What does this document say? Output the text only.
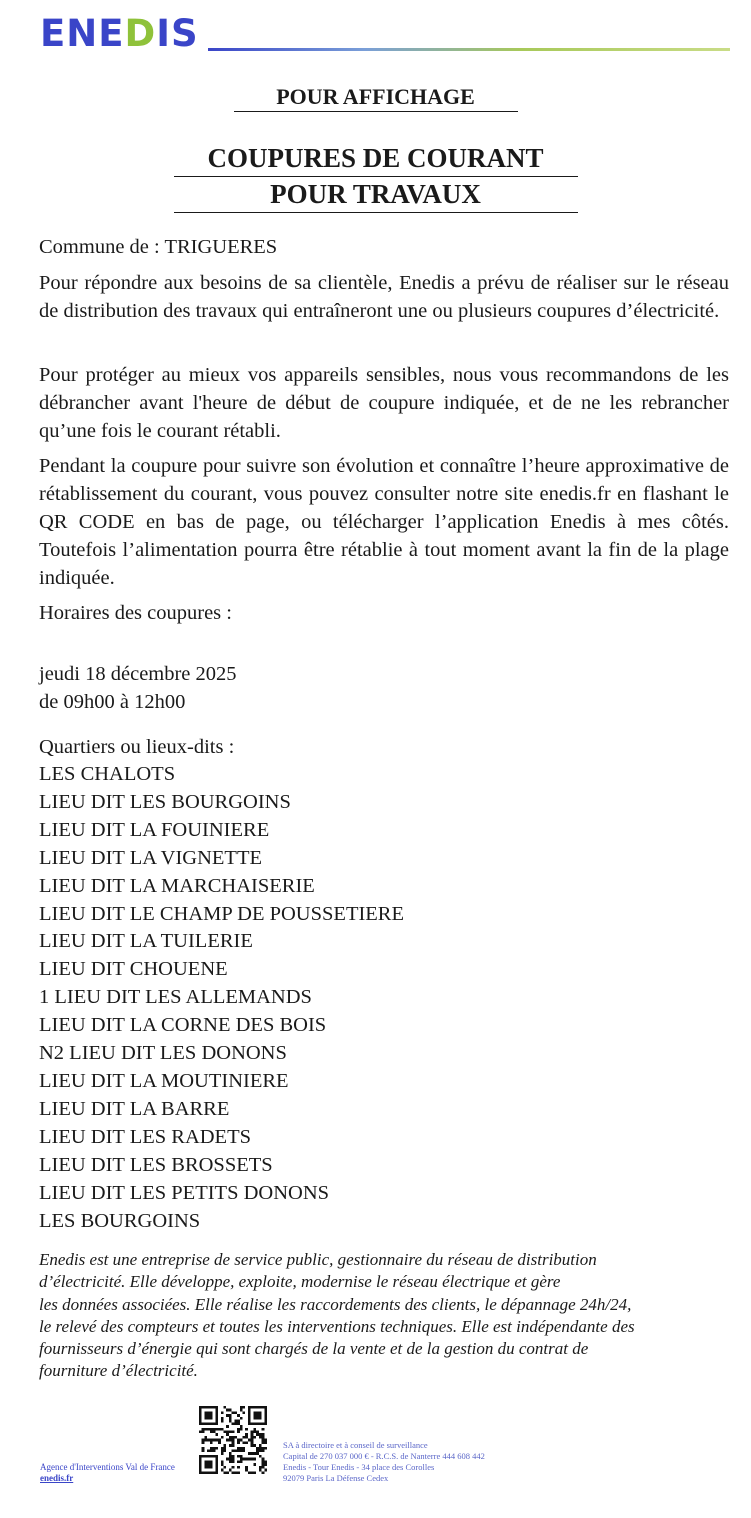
ENEDIS
POUR AFFICHAGE
COUPURES DE COURANT
POUR TRAVAUX
Commune de : TRIGUERES
Pour répondre aux besoins de sa clientèle, Enedis a prévu de réaliser sur le réseau de distribution des travaux qui entraîneront une ou plusieurs coupures d’électricité.
Pour protéger au mieux vos appareils sensibles, nous vous recommandons de les débrancher avant l'heure de début de coupure indiquée, et de ne les rebrancher qu’une fois le courant rétabli.
Pendant la coupure pour suivre son évolution et connaître l’heure approximative de rétablissement du courant, vous pouvez consulter notre site enedis.fr en flashant le QR CODE en bas de page, ou télécharger l’application Enedis à mes côtés. Toutefois l’alimentation pourra être rétablie à tout moment avant la fin de la plage indiquée.
Horaires des coupures :
jeudi 18 décembre 2025
de 09h00 à 12h00
Quartiers ou lieux-dits :
LES CHALOTS
LIEU DIT LES BOURGOINS
LIEU DIT LA FOUINIERE
LIEU DIT LA VIGNETTE
LIEU DIT LA MARCHAISERIE
LIEU DIT LE CHAMP DE POUSSETIERE
LIEU DIT LA TUILERIE
LIEU DIT CHOUENE
1 LIEU DIT LES ALLEMANDS
LIEU DIT LA CORNE DES BOIS
N2 LIEU DIT LES DONONS
LIEU DIT LA MOUTINIERE
LIEU DIT LA BARRE
LIEU DIT LES RADETS
LIEU DIT LES BROSSETS
LIEU DIT LES PETITS DONONS
LES BOURGOINS
Enedis est une entreprise de service public, gestionnaire du réseau de distribution
d’électricité. Elle développe, exploite, modernise le réseau électrique et gère
les données associées. Elle réalise les raccordements des clients, le dépannage 24h/24,
le relevé des compteurs et toutes les interventions techniques. Elle est indépendante des
fournisseurs d’énergie qui sont chargés de la vente et de la gestion du contrat de
fourniture d’électricité.
Agence d'Interventions Val de France
enedis.fr
SA à directoire et à conseil de surveillance
Capital de 270 037 000 € - R.C.S. de Nanterre 444 608 442
Enedis - Tour Enedis - 34 place des Corolles
92079 Paris La Défense Cedex
